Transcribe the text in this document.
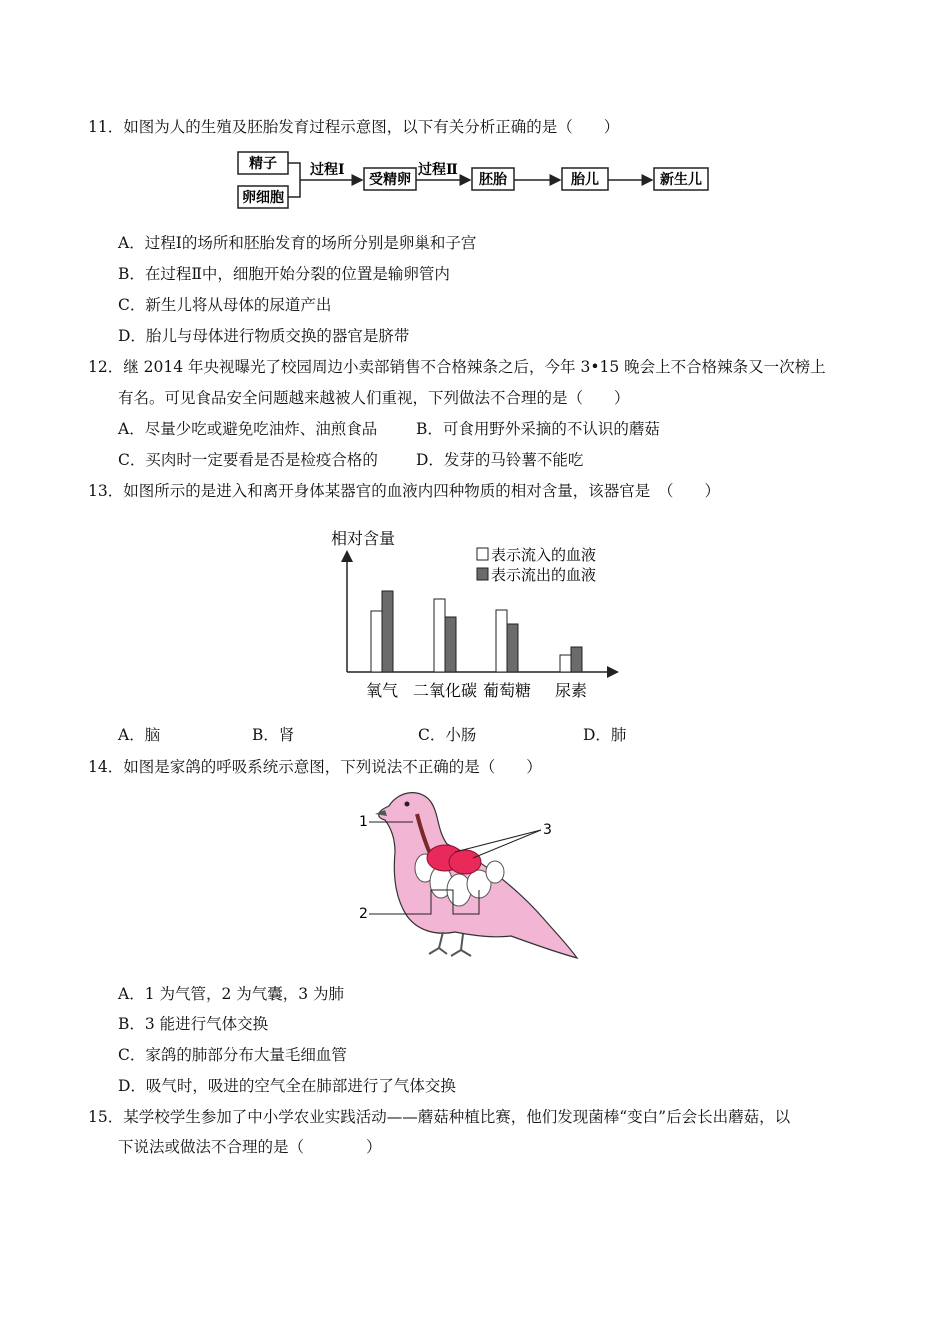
11．如图为人的生殖及胚胎发育过程示意图，以下有关分析正确的是（　　）
精子
卵细胞
过程Ⅰ
受精卵
过程Ⅱ
胚胎	胎儿	新生儿
A．过程Ⅰ的场所和胚胎发育的场所分别是卵巢和子宫
B．在过程Ⅱ中，细胞开始分裂的位置是输卵管内
C．新生儿将从母体的尿道产出
D．胎儿与母体进行物质交换的器官是脐带
12．继 2014 年央视曝光了校园周边小卖部销售不合格辣条之后，今年 3•15 晚会上不合格辣条又一次榜上
有名。可见食品安全问题越来越被人们重视，下列做法不合理的是（　　）
A．尽量少吃或避免吃油炸、油煎食品	B．可食用野外采摘的不认识的蘑菇
C．买肉时一定要看是否是检疫合格的 D．发芽的马铃薯不能吃
13．如图所示的是进入和离开身体某器官的血液内四种物质的相对含量，该器官是　（　　）
相对含量
氧气 二氧化碳 葡萄糖 尿素
表示流入的血液
表示流出的血液
A．脑	B．肾	C．小肠	D．肺
14．如图是家鸽的呼吸系统示意图，下列说法不正确的是（　　）
1
2
3
A．1 为气管，2 为气囊，3 为肺
B．3 能进行气体交换
C．家鸽的肺部分布大量毛细血管
D．吸气时，吸进的空气全在肺部进行了气体交换
15．某学校学生参加了中小学农业实践活动——蘑菇种植比赛，他们发现菌棒“变白”后会长出蘑菇，以
下说法或做法不合理的是（　　　　）
